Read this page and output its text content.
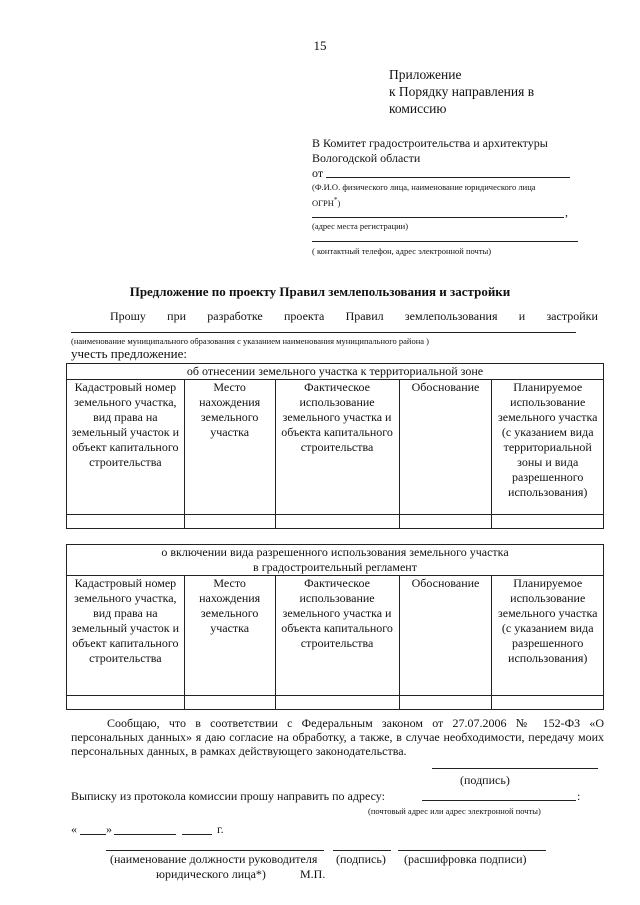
15
Приложение
к Порядку направления в
комиссию
В Комитет градостроительства и архитектуры
Вологодской области
от
(Ф.И.О. физического лица, наименование юридического лица
ОГРН*)
,
(адрес места регистрации)
( контактный телефон, адрес электронной почты)
Предложение по проекту Правил землепользования и застройки
Прошу при разработке проекта Правил землепользования и застройки
(наименование муниципального образования с указанием наименования муниципального района )
учесть предложение:
об отнесении земельного участка к территориальной зоне				
Кадастровый номер земельного участка, вид права на земельный участок и объект капитального строительства	Место нахождения земельного участка	Фактическое использование земельного участка и объекта капитального строительства	Обоснование	Планируемое использование земельного участка (с указанием вида территориальной зоны и вида разрешенного использования)

о включении вида разрешенного использования земельного участка
в градостроительный регламент				

Кадастровый номер земельного участка, вид права на земельный участок и объект капитального строительства	Место нахождения земельного участка	Фактическое использование земельного участка и объекта капитального строительства	Обоснование	Планируемое использование земельного участка (с указанием вида разрешенного использования)

Сообщаю, что в соответствии с Федеральным законом от 27.07.2006 № 152-ФЗ «О персональных данных» я даю согласие на обработку, а также, в случае необходимости, передачу моих персональных данных, в рамках действующего законодательства.
(подпись)
Выписку из протокола комиссии прошу направить по адресу:	:
(почтовый адрес или адрес электронной почты)
« »	г.
(наименование должности руководителя (подпись) (расшифровка подписи)
юридического лица*)	М.П.
